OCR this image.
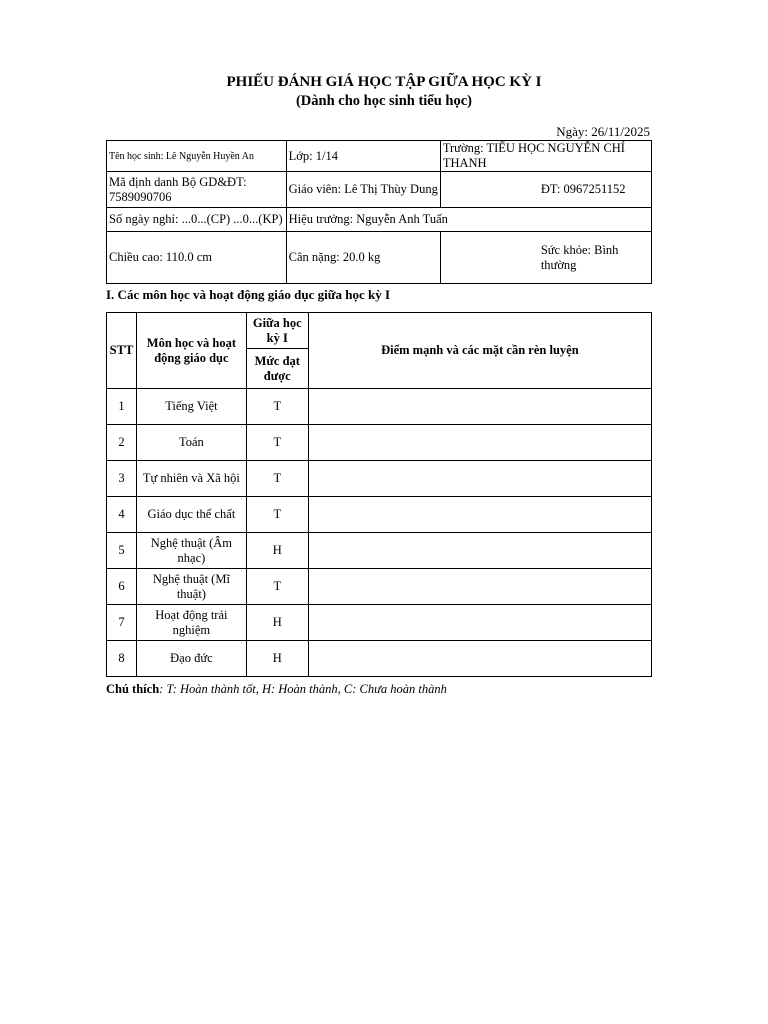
PHIẾU ĐÁNH GIÁ HỌC TẬP GIỮA HỌC KỲ I
(Dành cho học sinh tiểu học)
Ngày: 26/11/2025
Tên học sinh: Lê Nguyễn Huyền An	Lớp: 1/14	Trường: TIỂU HỌC NGUYỄN CHÍ THANH
Mã định danh Bộ GD&ĐT: 7589090706	Giáo viên: Lê Thị Thùy Dung	ĐT: 0967251152
Số ngày nghỉ: ...0...(CP) ...0...(KP)	Hiệu trưởng: Nguyễn Anh Tuấn	
Chiều cao: 110.0 cm	Cân nặng: 20.0 kg	Sức khỏe: Bình thường
I. Các môn học và hoạt động giáo dục giữa học kỳ I
STT	Môn học và hoạt động giáo dục	Giữa học kỳ I	Điểm mạnh và các mặt cần rèn luyện
		Mức đạt được	
1	Tiếng Việt	T	
2	Toán	T	
3	Tự nhiên và Xã hội	T	
4	Giáo dục thể chất	T	
5	Nghệ thuật (Âm nhạc)	H	
6	Nghệ thuật (Mĩ thuật)	T	
7	Hoạt động trải nghiệm	H	
8	Đạo đức	H	
Chú thích: T: Hoàn thành tốt, H: Hoàn thành, C: Chưa hoàn thành
